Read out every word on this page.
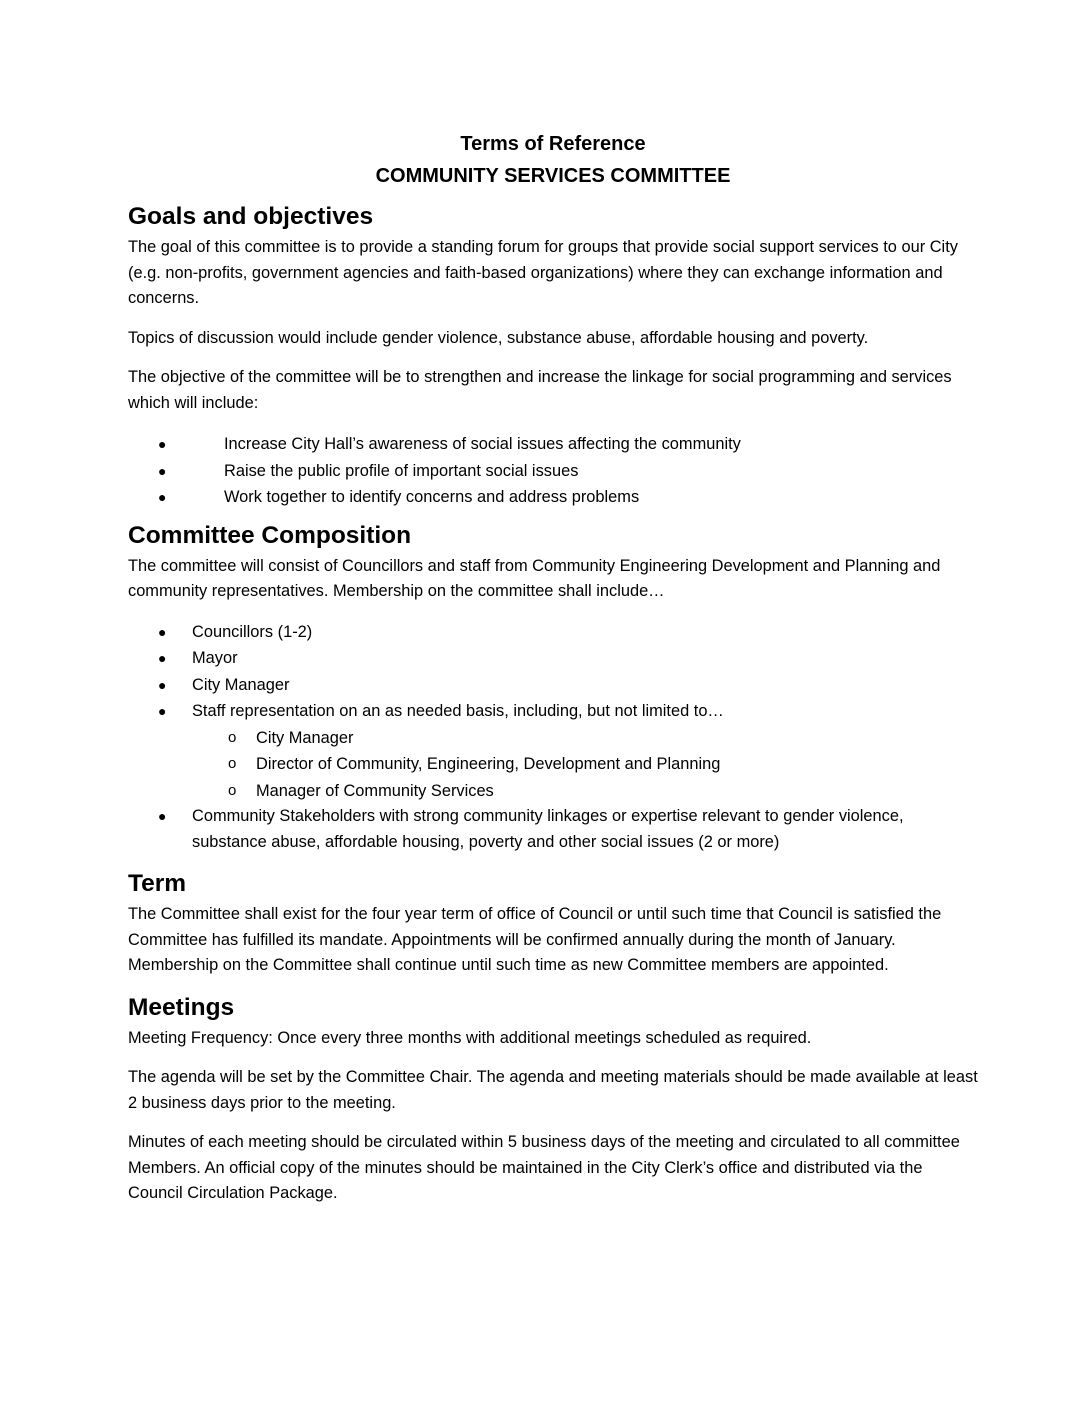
Terms of Reference
COMMUNITY SERVICES COMMITTEE
Goals and objectives

The goal of this committee is to provide a standing forum for groups that provide social support services to our City (e.g. non-profits, government agencies and faith-based organizations) where they can exchange information and concerns.

Topics of discussion would include gender violence, substance abuse, affordable housing and poverty.

The objective of the committee will be to strengthen and increase the linkage for social programming and services which will include:

●	Increase City Hall’s awareness of social issues affecting the community
●	Raise the public profile of important social issues
●	Work together to identify concerns and address problems
Committee Composition

The committee will consist of Councillors and staff from Community Engineering Development and Planning and community representatives. Membership on the committee shall include…

● Councillors (1-2)
● Mayor
● City Manager
● Staff representation on an as needed basis, including, but not limited to…
o City Manager
o Director of Community, Engineering, Development and Planning
o Manager of Community Services
● Community Stakeholders with strong community linkages or expertise relevant to gender violence, substance abuse, affordable housing, poverty and other social issues (2 or more)
Term

The Committee shall exist for the four year term of office of Council or until such time that Council is satisfied the Committee has fulfilled its mandate. Appointments will be confirmed annually during the month of January. Membership on the Committee shall continue until such time as new Committee members are appointed.

Meetings

Meeting Frequency: Once every three months with additional meetings scheduled as required.

The agenda will be set by the Committee Chair. The agenda and meeting materials should be made available at least 2 business days prior to the meeting.

Minutes of each meeting should be circulated within 5 business days of the meeting and circulated to all committee Members. An official copy of the minutes should be maintained in the City Clerk’s office and distributed via the Council Circulation Package.
